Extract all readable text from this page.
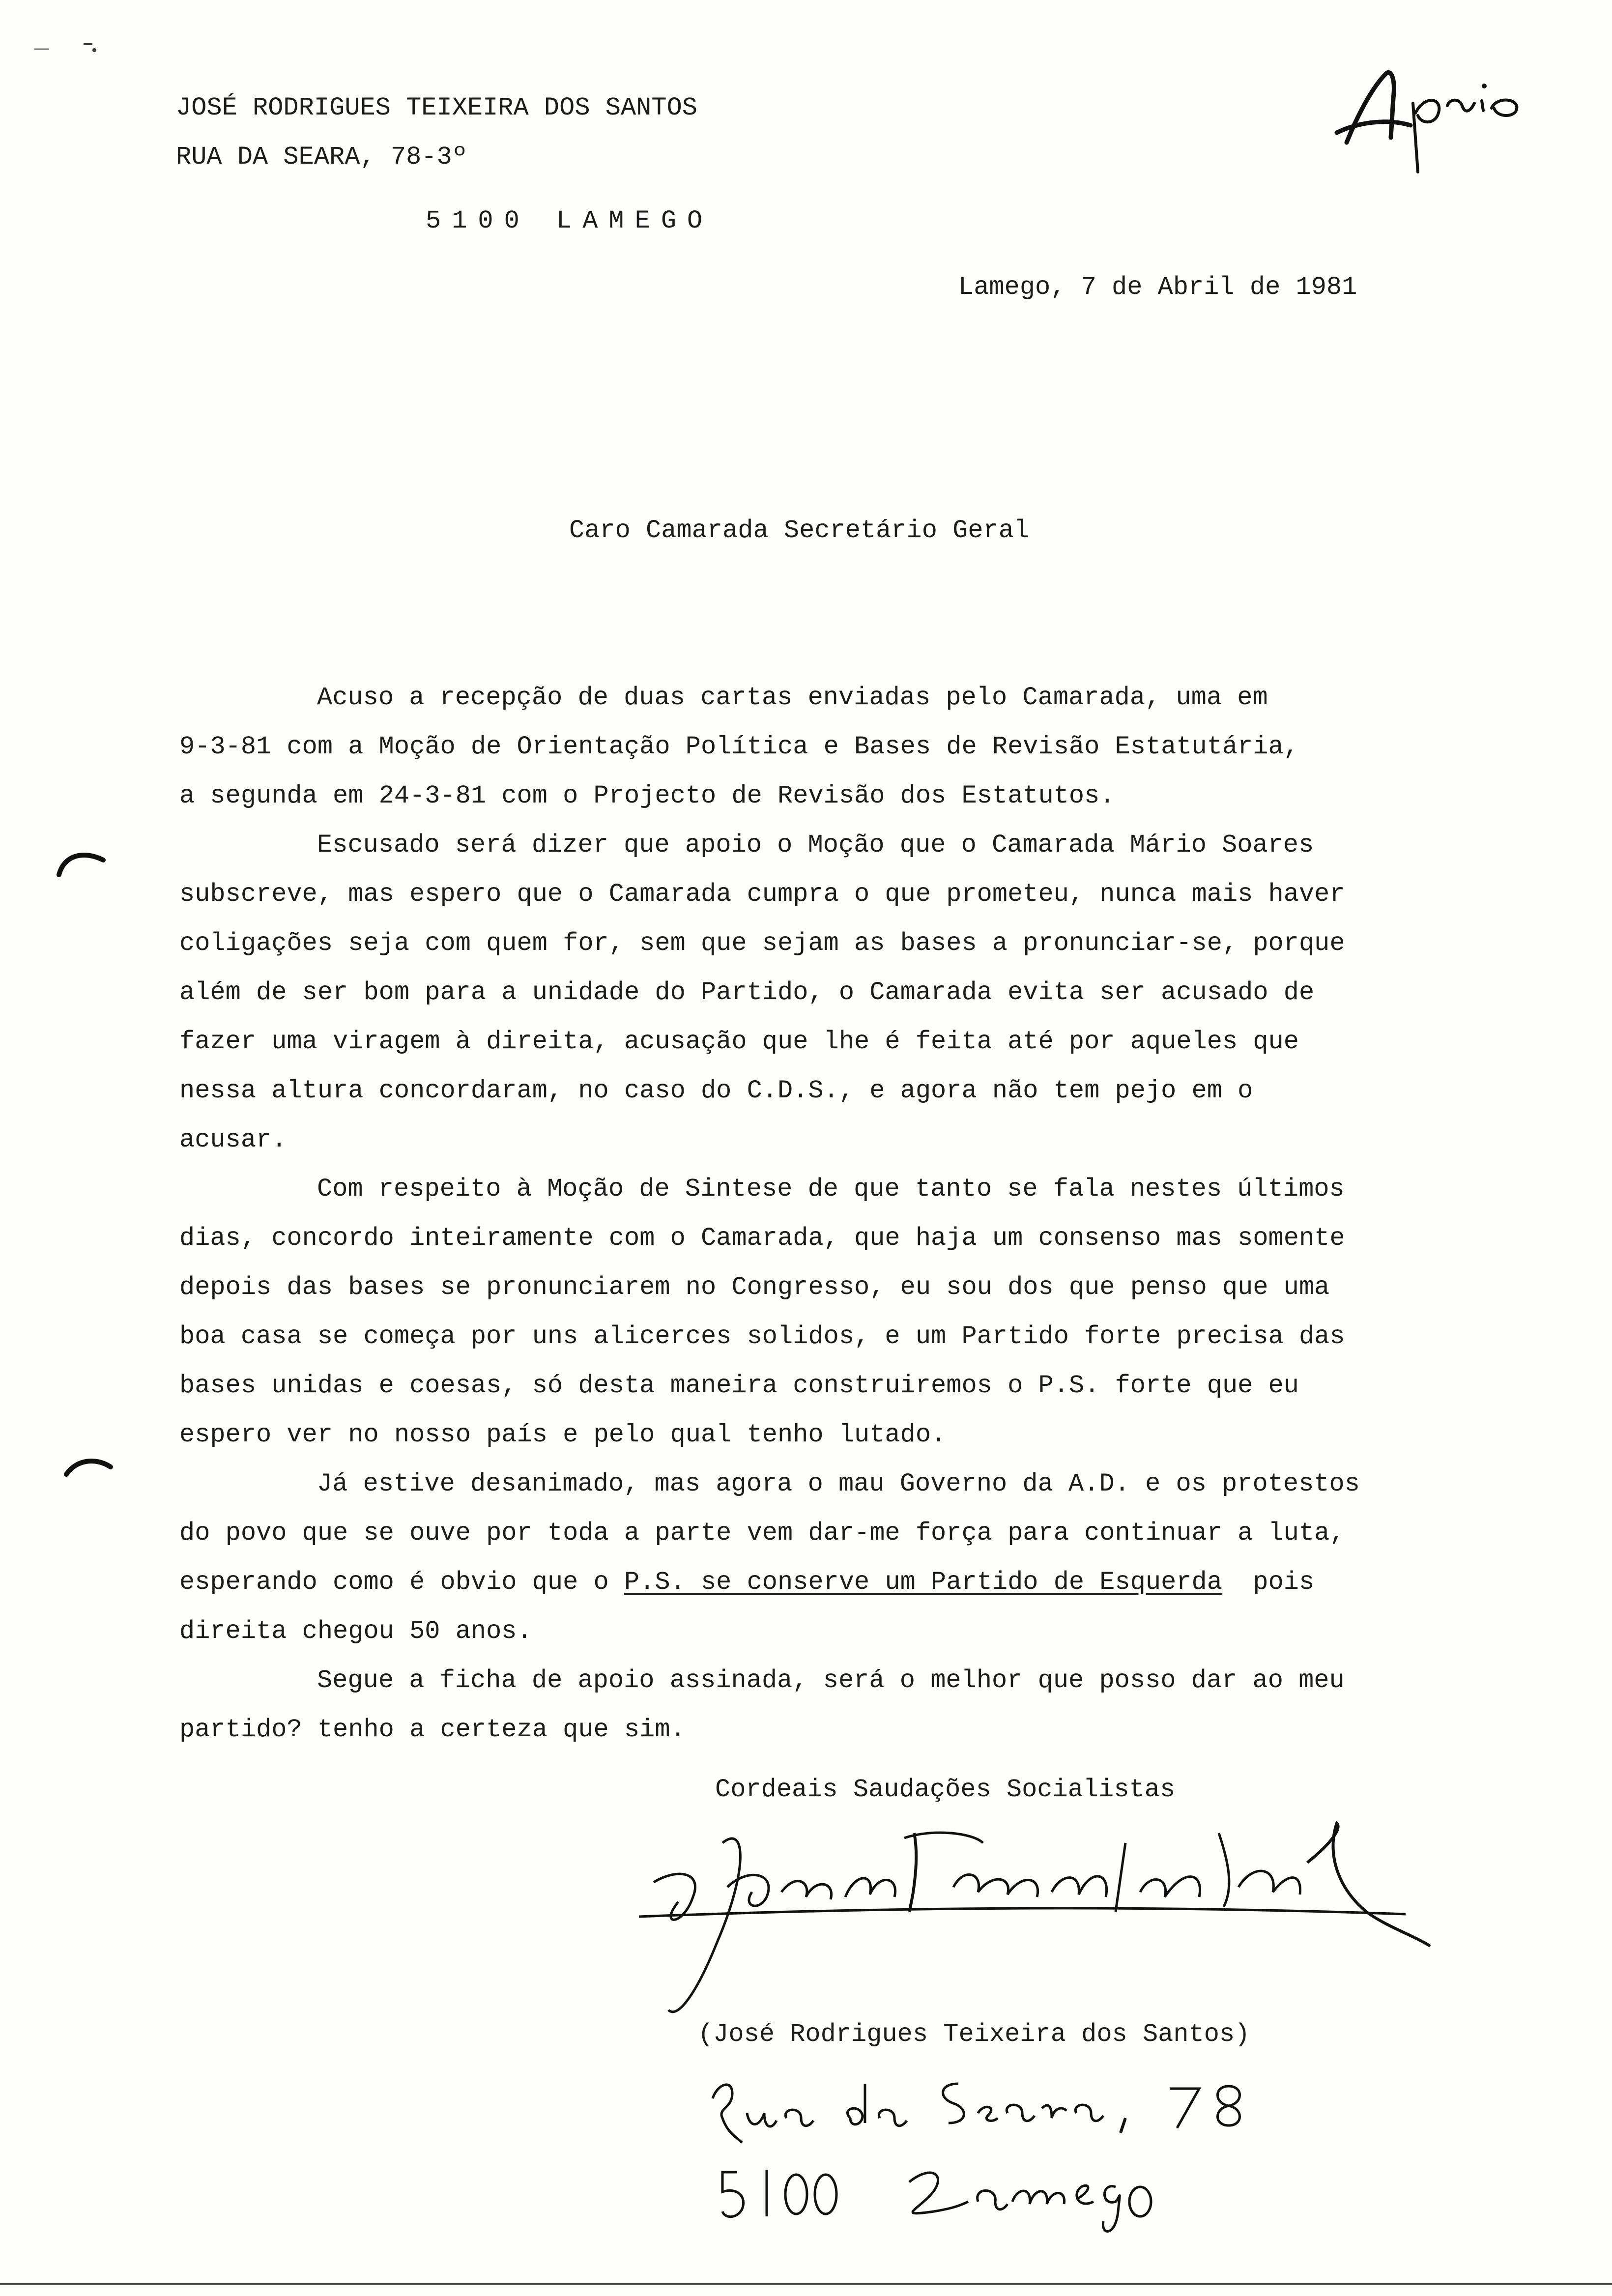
JOSÉ RODRIGUES TEIXEIRA DOS SANTOS
RUA DA SEARA, 78-3º
5100 LAMEGO
Lamego, 7 de Abril de 1981
Caro Camarada Secretário Geral
Acuso a recepção de duas cartas enviadas pelo Camarada, uma em
9-3-81 com a Moção de Orientação Política e Bases de Revisão Estatutária,
a segunda em 24-3-81 com o Projecto de Revisão dos Estatutos.
Escusado será dizer que apoio o Moção que o Camarada Mário Soares
subscreve, mas espero que o Camarada cumpra o que prometeu, nunca mais haver
coligações seja com quem for, sem que sejam as bases a pronunciar-se, porque
além de ser bom para a unidade do Partido, o Camarada evita ser acusado de
fazer uma viragem à direita, acusação que lhe é feita até por aqueles que
nessa altura concordaram, no caso do C.D.S., e agora não tem pejo em o
acusar.
Com respeito à Moção de Sintese de que tanto se fala nestes últimos
dias, concordo inteiramente com o Camarada, que haja um consenso mas somente
depois das bases se pronunciarem no Congresso, eu sou dos que penso que uma
boa casa se começa por uns alicerces solidos, e um Partido forte precisa das
bases unidas e coesas, só desta maneira construiremos o P.S. forte que eu
espero ver no nosso país e pelo qual tenho lutado.
Já estive desanimado, mas agora o mau Governo da A.D. e os protestos
do povo que se ouve por toda a parte vem dar-me força para continuar a luta,
esperando como é obvio que o P.S. se conserve um Partido de Esquerda  pois
direita chegou 50 anos.
Segue a ficha de apoio assinada, será o melhor que posso dar ao meu
partido? tenho a certeza que sim.
Cordeais Saudações Socialistas
(José Rodrigues Teixeira dos Santos)
